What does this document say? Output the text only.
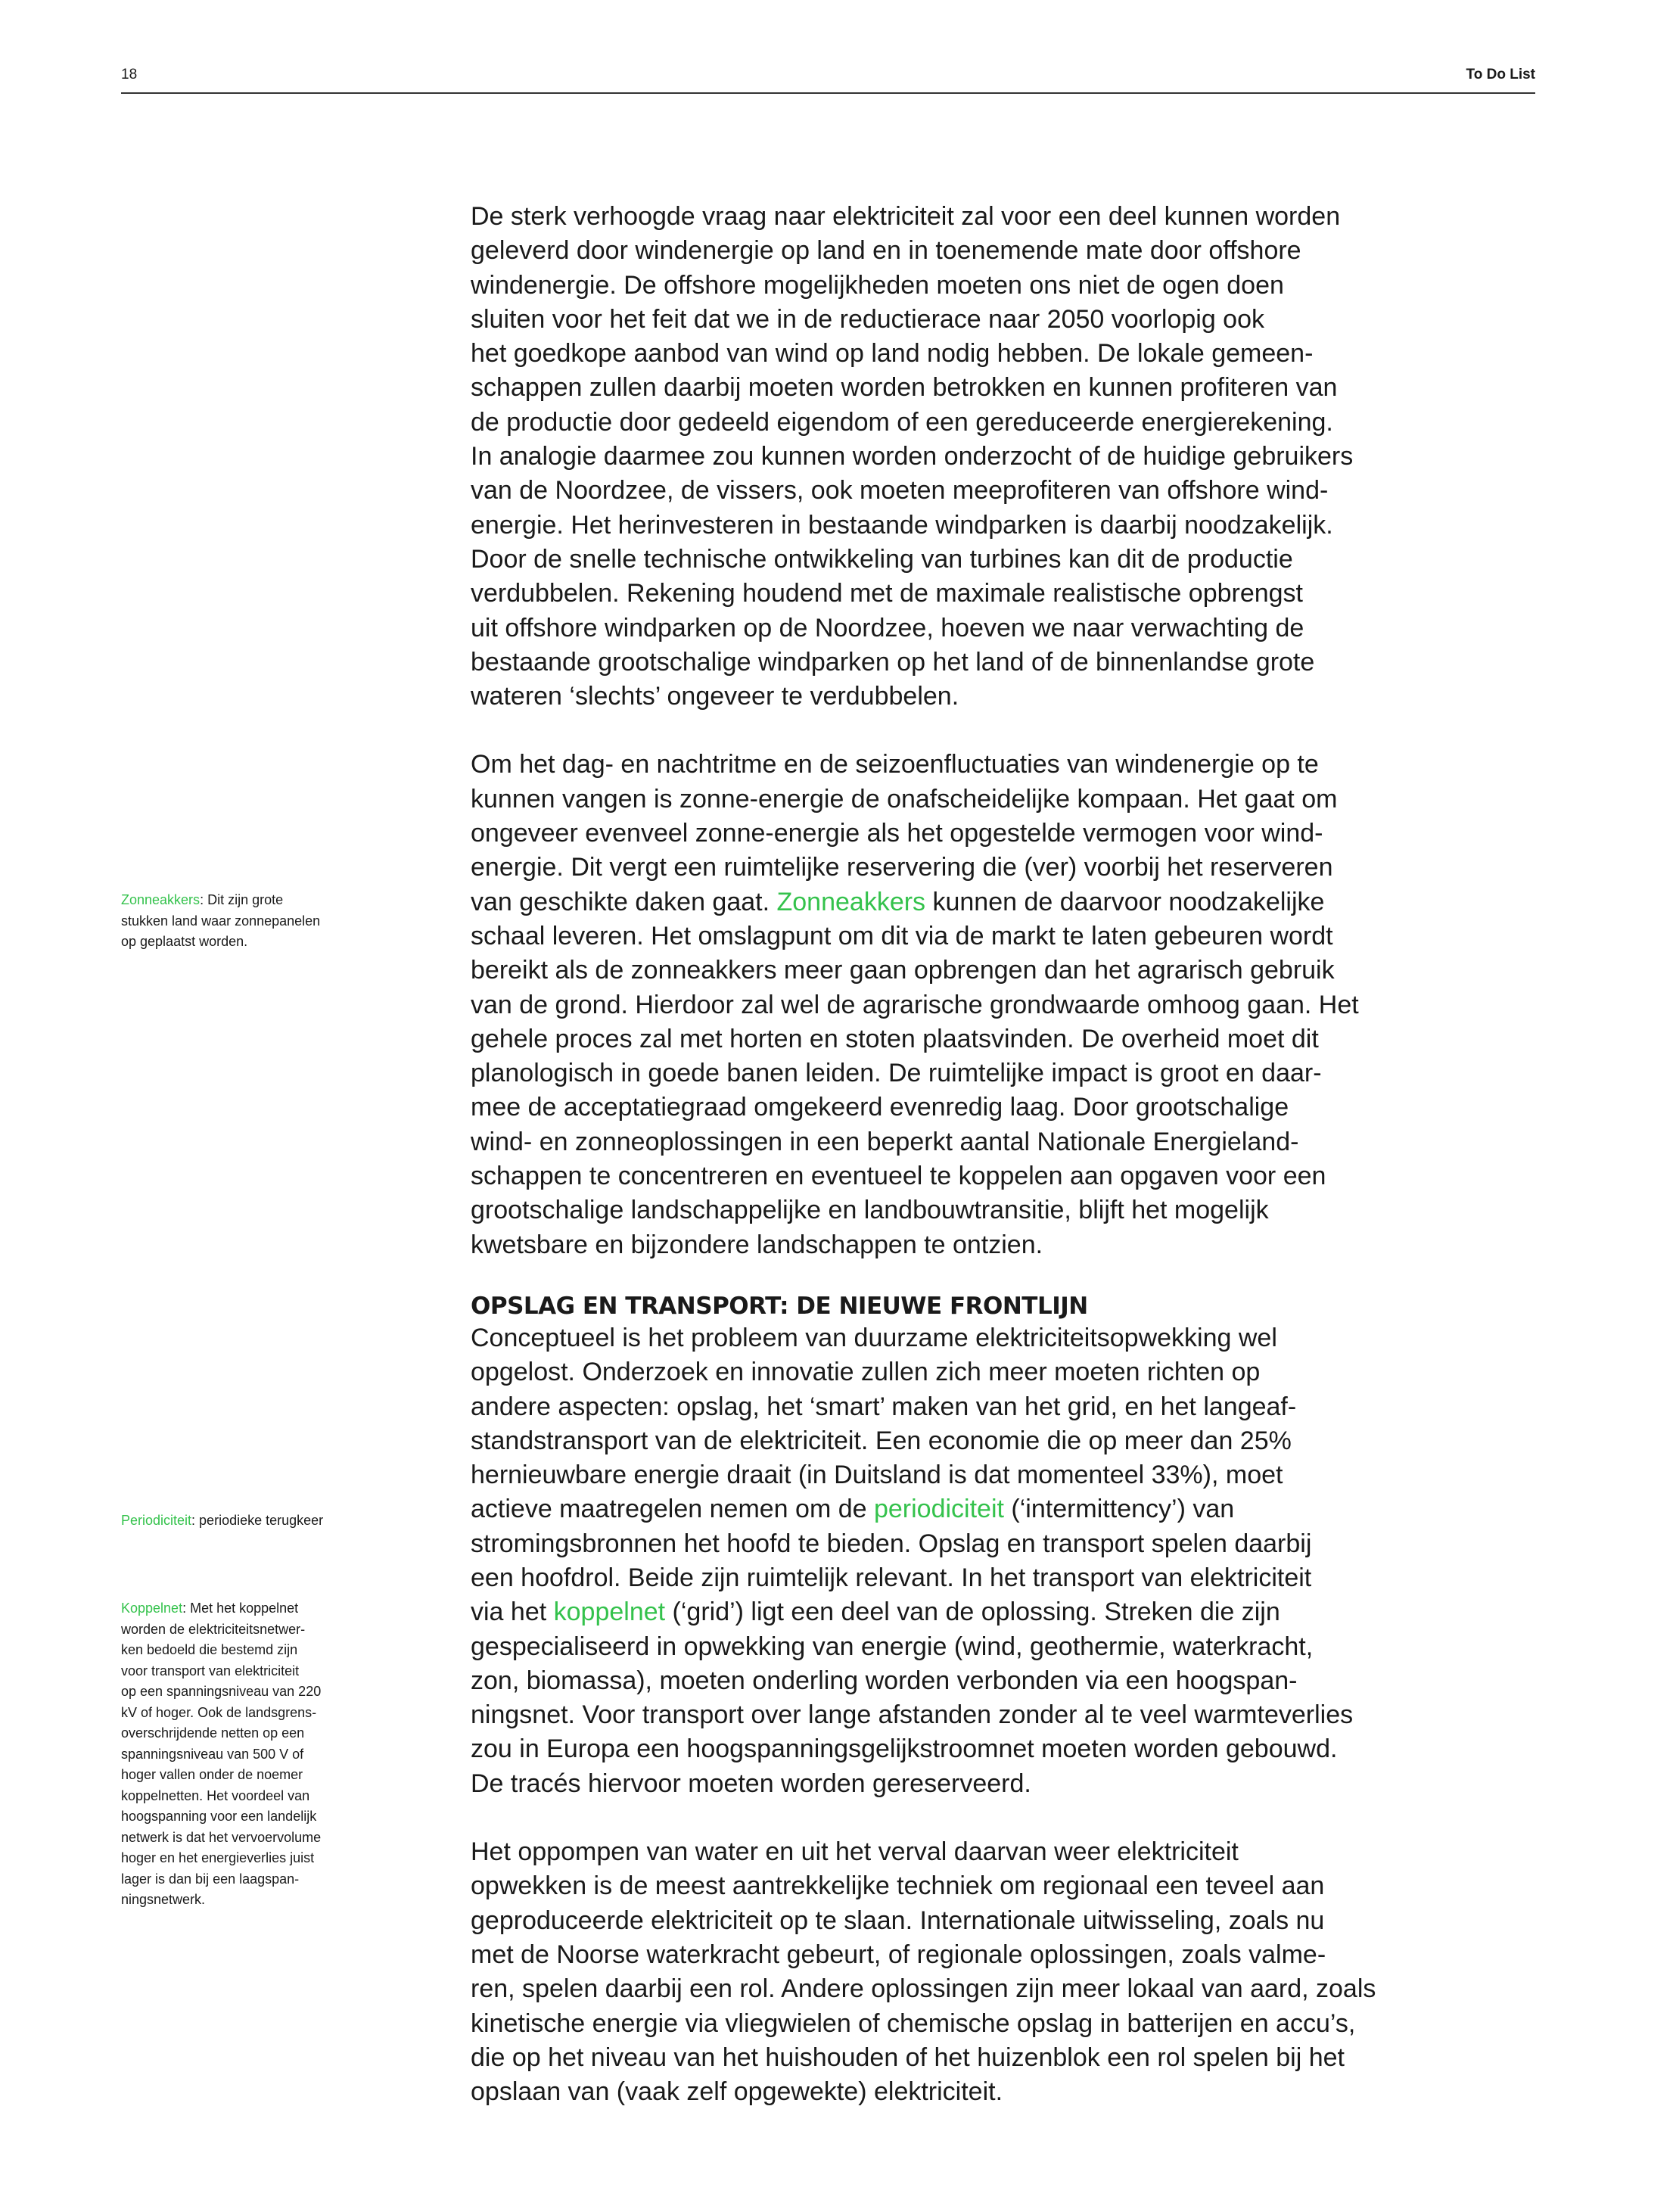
18	To Do List

Zonneakkers: Dit zijn grote
stukken land waar zonnepanelen
op geplaatst worden.

Periodiciteit: periodieke terugkeer

Koppelnet: Met het koppelnet
worden de elektriciteitsnetwer-
ken bedoeld die bestemd zijn
voor transport van elektriciteit
op een spanningsniveau van 220
kV of hoger. Ook de landsgrens-
overschrijdende netten op een
spanningsniveau van 500 V of
hoger vallen onder de noemer
koppelnetten. Het voordeel van
hoogspanning voor een landelijk
netwerk is dat het vervoervolume
hoger en het energieverlies juist
lager is dan bij een laagspan-
ningsnetwerk.

De sterk verhoogde vraag naar elektriciteit zal voor een deel kunnen worden
geleverd door windenergie op land en in toenemende mate door offshore
windenergie. De offshore mogelijkheden moeten ons niet de ogen doen
sluiten voor het feit dat we in de reductierace naar 2050 voorlopig ook
het goedkope aanbod van wind op land nodig hebben. De lokale gemeen-
schappen zullen daarbij moeten worden betrokken en kunnen profiteren van
de productie door gedeeld eigendom of een gereduceerde energierekening.
In analogie daarmee zou kunnen worden onderzocht of de huidige gebruikers
van de Noordzee, de vissers, ook moeten meeprofiteren van offshore wind-
energie. Het herinvesteren in bestaande windparken is daarbij noodzakelijk.
Door de snelle technische ontwikkeling van turbines kan dit de productie
verdubbelen. Rekening houdend met de maximale realistische opbrengst
uit offshore windparken op de Noordzee, hoeven we naar verwachting de
bestaande grootschalige windparken op het land of de binnenlandse grote
wateren ‘slechts’ ongeveer te verdubbelen.

Om het dag- en nachtritme en de seizoenfluctuaties van windenergie op te
kunnen vangen is zonne-energie de onafscheidelijke kompaan. Het gaat om
ongeveer evenveel zonne-energie als het opgestelde vermogen voor wind-
energie. Dit vergt een ruimtelijke reservering die (ver) voorbij het reserveren
van geschikte daken gaat. Zonneakkers kunnen de daarvoor noodzakelijke
schaal leveren. Het omslagpunt om dit via de markt te laten gebeuren wordt
bereikt als de zonneakkers meer gaan opbrengen dan het agrarisch gebruik
van de grond. Hierdoor zal wel de agrarische grondwaarde omhoog gaan. Het
gehele proces zal met horten en stoten plaatsvinden. De overheid moet dit
planologisch in goede banen leiden. De ruimtelijke impact is groot en daar-
mee de acceptatiegraad omgekeerd evenredig laag. Door grootschalige
wind- en zonneoplossingen in een beperkt aantal Nationale Energieland-
schappen te concentreren en eventueel te koppelen aan opgaven voor een
grootschalige landschappelijke en landbouwtransitie, blijft het mogelijk
kwetsbare en bijzondere landschappen te ontzien.

OPSLAG EN TRANSPORT: DE NIEUWE FRONTLIJN

Conceptueel is het probleem van duurzame elektriciteitsopwekking wel
opgelost. Onderzoek en innovatie zullen zich meer moeten richten op
andere aspecten: opslag, het ‘smart’ maken van het grid, en het langeaf-
standstransport van de elektriciteit. Een economie die op meer dan 25%
hernieuwbare energie draait (in Duitsland is dat momenteel 33%), moet
actieve maatregelen nemen om de periodiciteit (‘intermittency’) van
stromingsbronnen het hoofd te bieden. Opslag en transport spelen daarbij
een hoofdrol. Beide zijn ruimtelijk relevant. In het transport van elektriciteit
via het koppelnet (‘grid’) ligt een deel van de oplossing. Streken die zijn
gespecialiseerd in opwekking van energie (wind, geothermie, waterkracht,
zon, biomassa), moeten onderling worden verbonden via een hoogspan-
ningsnet. Voor transport over lange afstanden zonder al te veel warmteverlies
zou in Europa een hoogspanningsgelijkstroomnet moeten worden gebouwd.
De tracés hiervoor moeten worden gereserveerd.

Het oppompen van water en uit het verval daarvan weer elektriciteit
opwekken is de meest aantrekkelijke techniek om regionaal een teveel aan
geproduceerde elektriciteit op te slaan. Internationale uitwisseling, zoals nu
met de Noorse waterkracht gebeurt, of regionale oplossingen, zoals valme-
ren, spelen daarbij een rol. Andere oplossingen zijn meer lokaal van aard, zoals
kinetische energie via vliegwielen of chemische opslag in batterijen en accu’s,
die op het niveau van het huishouden of het huizenblok een rol spelen bij het
opslaan van (vaak zelf opgewekte) elektriciteit.
